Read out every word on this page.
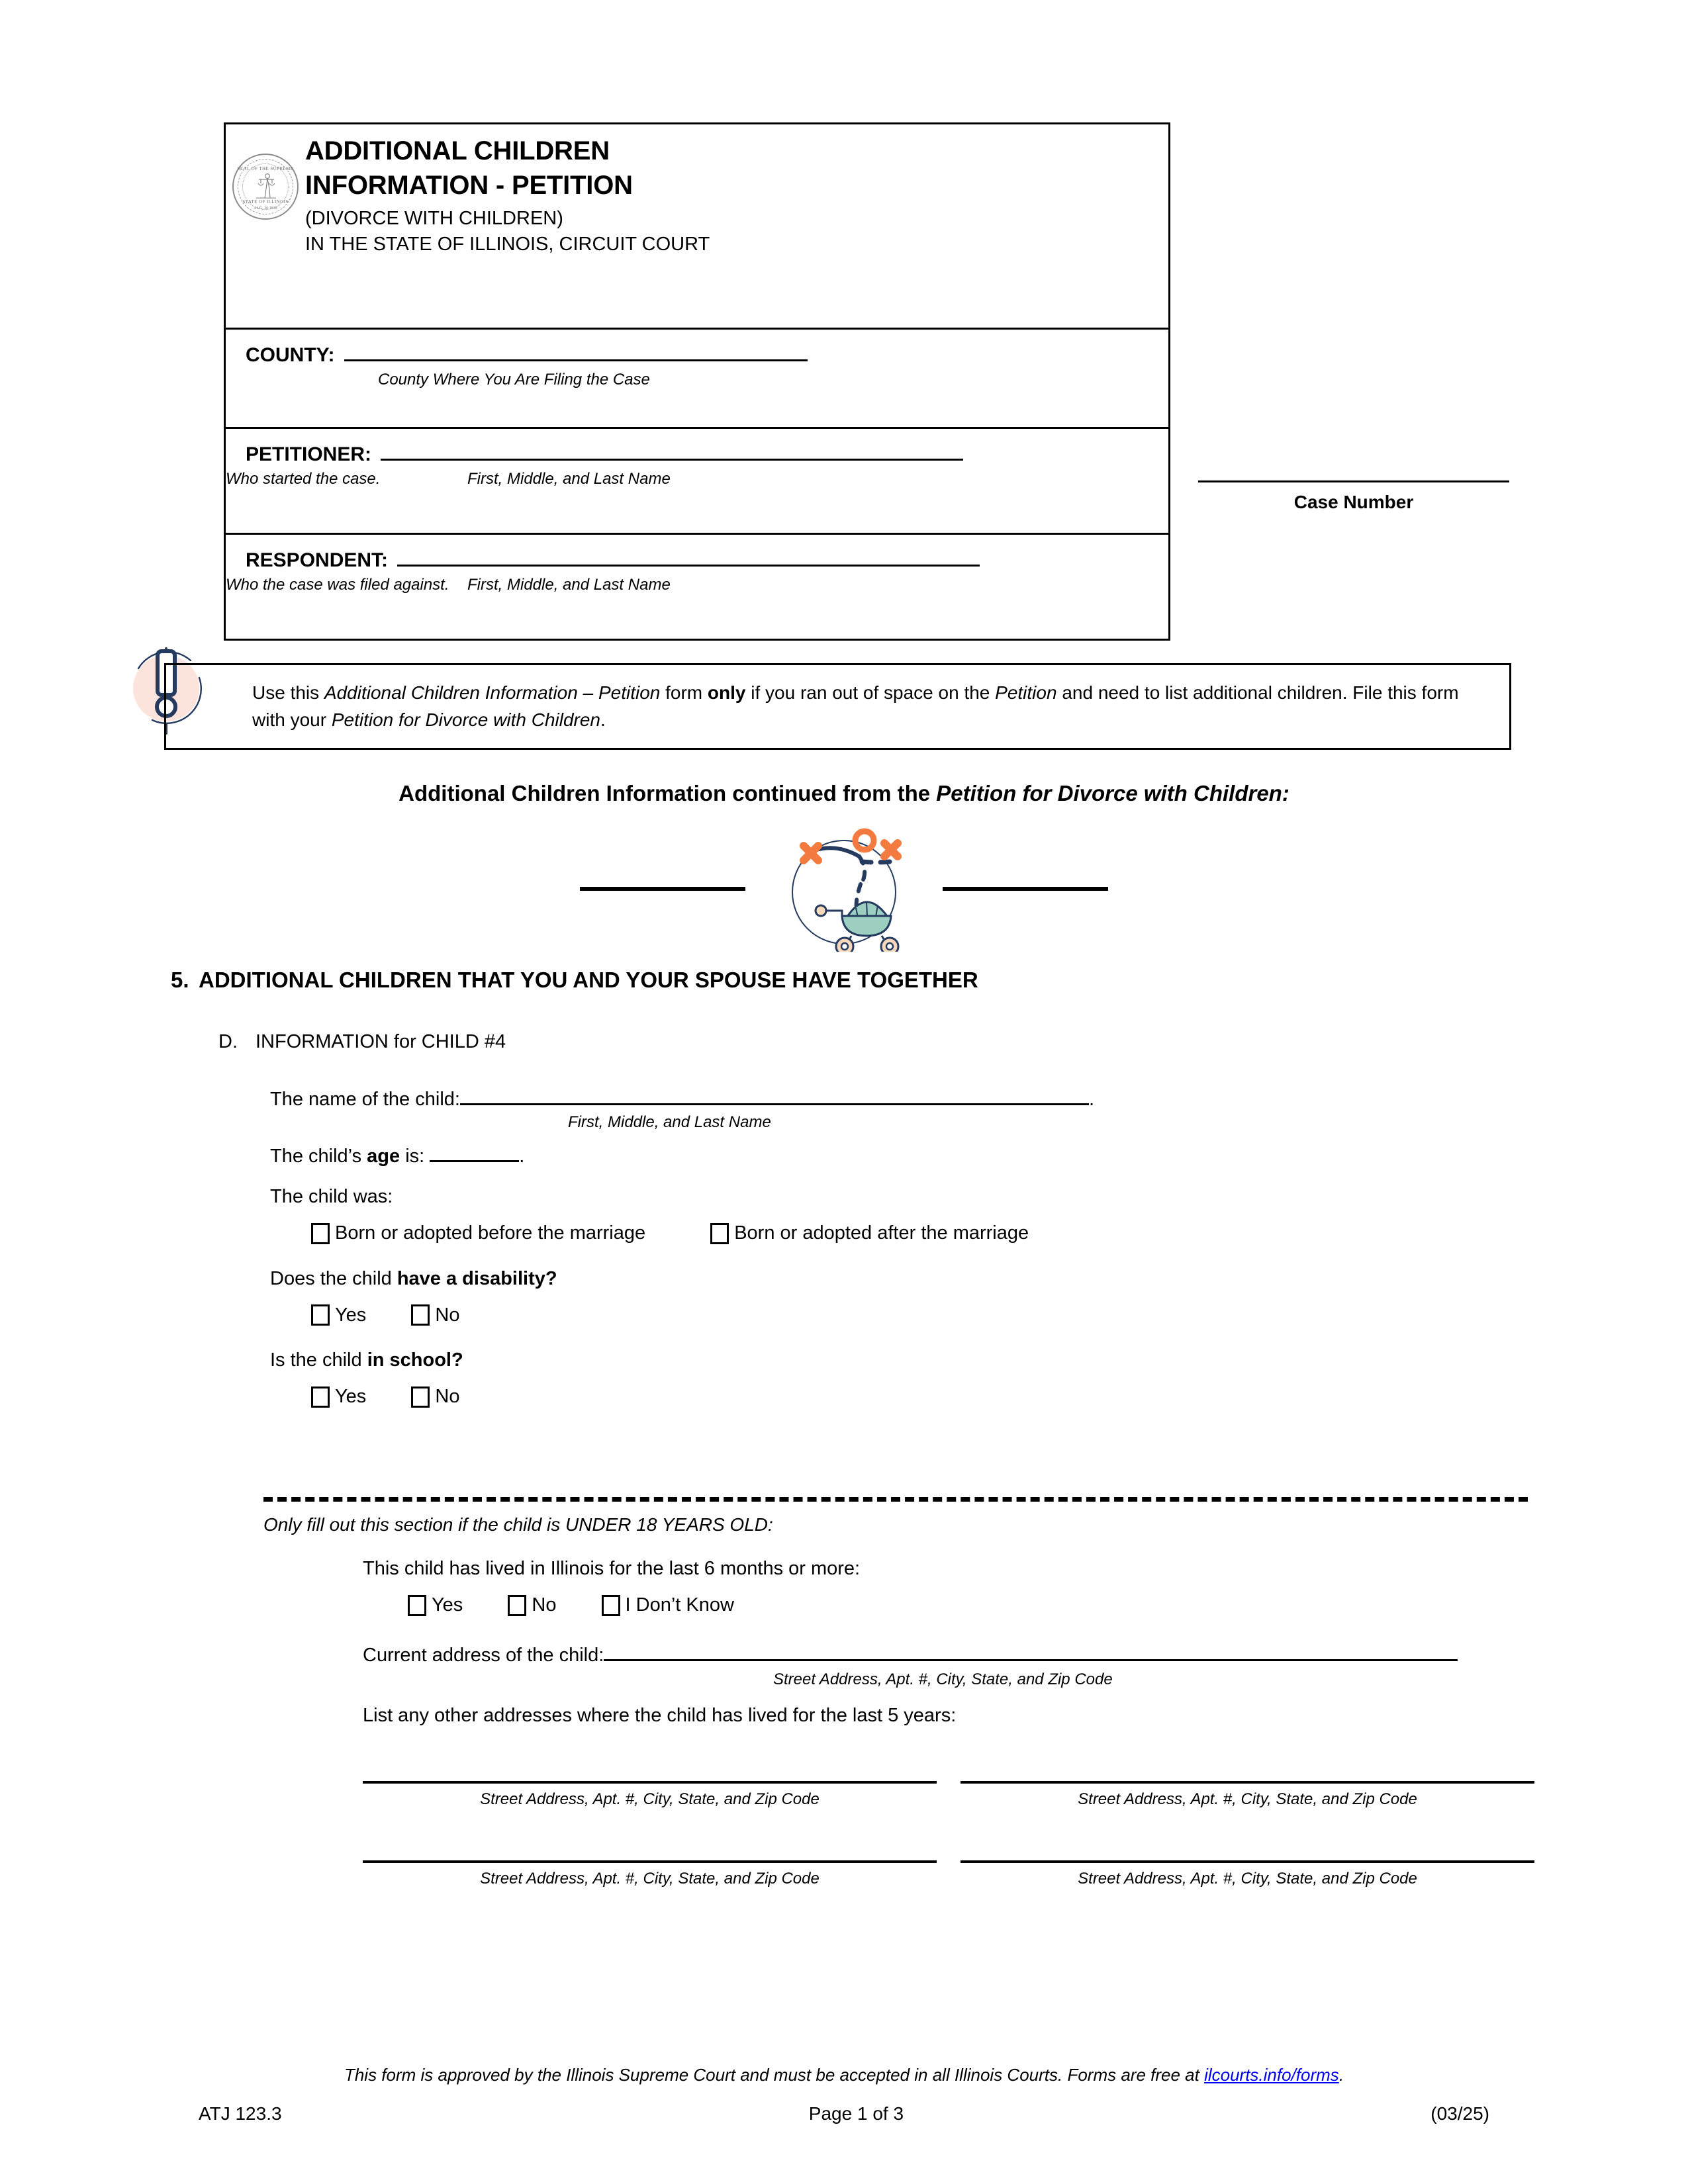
SEAL OF THE SUPREME
STATE OF ILLINOIS
AUG. 26 1818
ADDITIONAL CHILDREN
INFORMATION - PETITION
(DIVORCE WITH CHILDREN)
IN THE STATE OF ILLINOIS, CIRCUIT COURT
COUNTY:
County Where You Are Filing the Case
PETITIONER:
Who started the case.	First, Middle, and Last Name
RESPONDENT:
Who the case was filed against. First, Middle, and Last Name
Case Number
Use this Additional Children Information – Petition form only if you ran out of space on the Petition and need to list additional children. File this form with your Petition for Divorce with Children.
Additional Children Information continued from the Petition for Divorce with Children:
5. ADDITIONAL CHILDREN THAT YOU AND YOUR SPOUSE HAVE TOGETHER
D. INFORMATION for CHILD #4
The name of the child:	.
First, Middle, and Last Name
The child’s age is:	.
The child was:
Born or adopted before the marriage
	Born or adopted after the marriage
Does the child have a disability?
Yes
	No
Is the child in school?
Yes
	No
Only fill out this section if the child is UNDER 18 YEARS OLD:
This child has lived in Illinois for the last 6 months or more:
Yes
	No
	I Don’t Know
Current address of the child:
Street Address, Apt. #, City, State, and Zip Code
List any other addresses where the child has lived for the last 5 years:
Street Address, Apt. #, City, State, and Zip Code	Street Address, Apt. #, City, State, and Zip Code
Street Address, Apt. #, City, State, and Zip Code	Street Address, Apt. #, City, State, and Zip Code
This form is approved by the Illinois Supreme Court and must be accepted in all Illinois Courts. Forms are free at ilcourts.info/forms.
ATJ 123.3	Page 1 of 3	(03/25)
